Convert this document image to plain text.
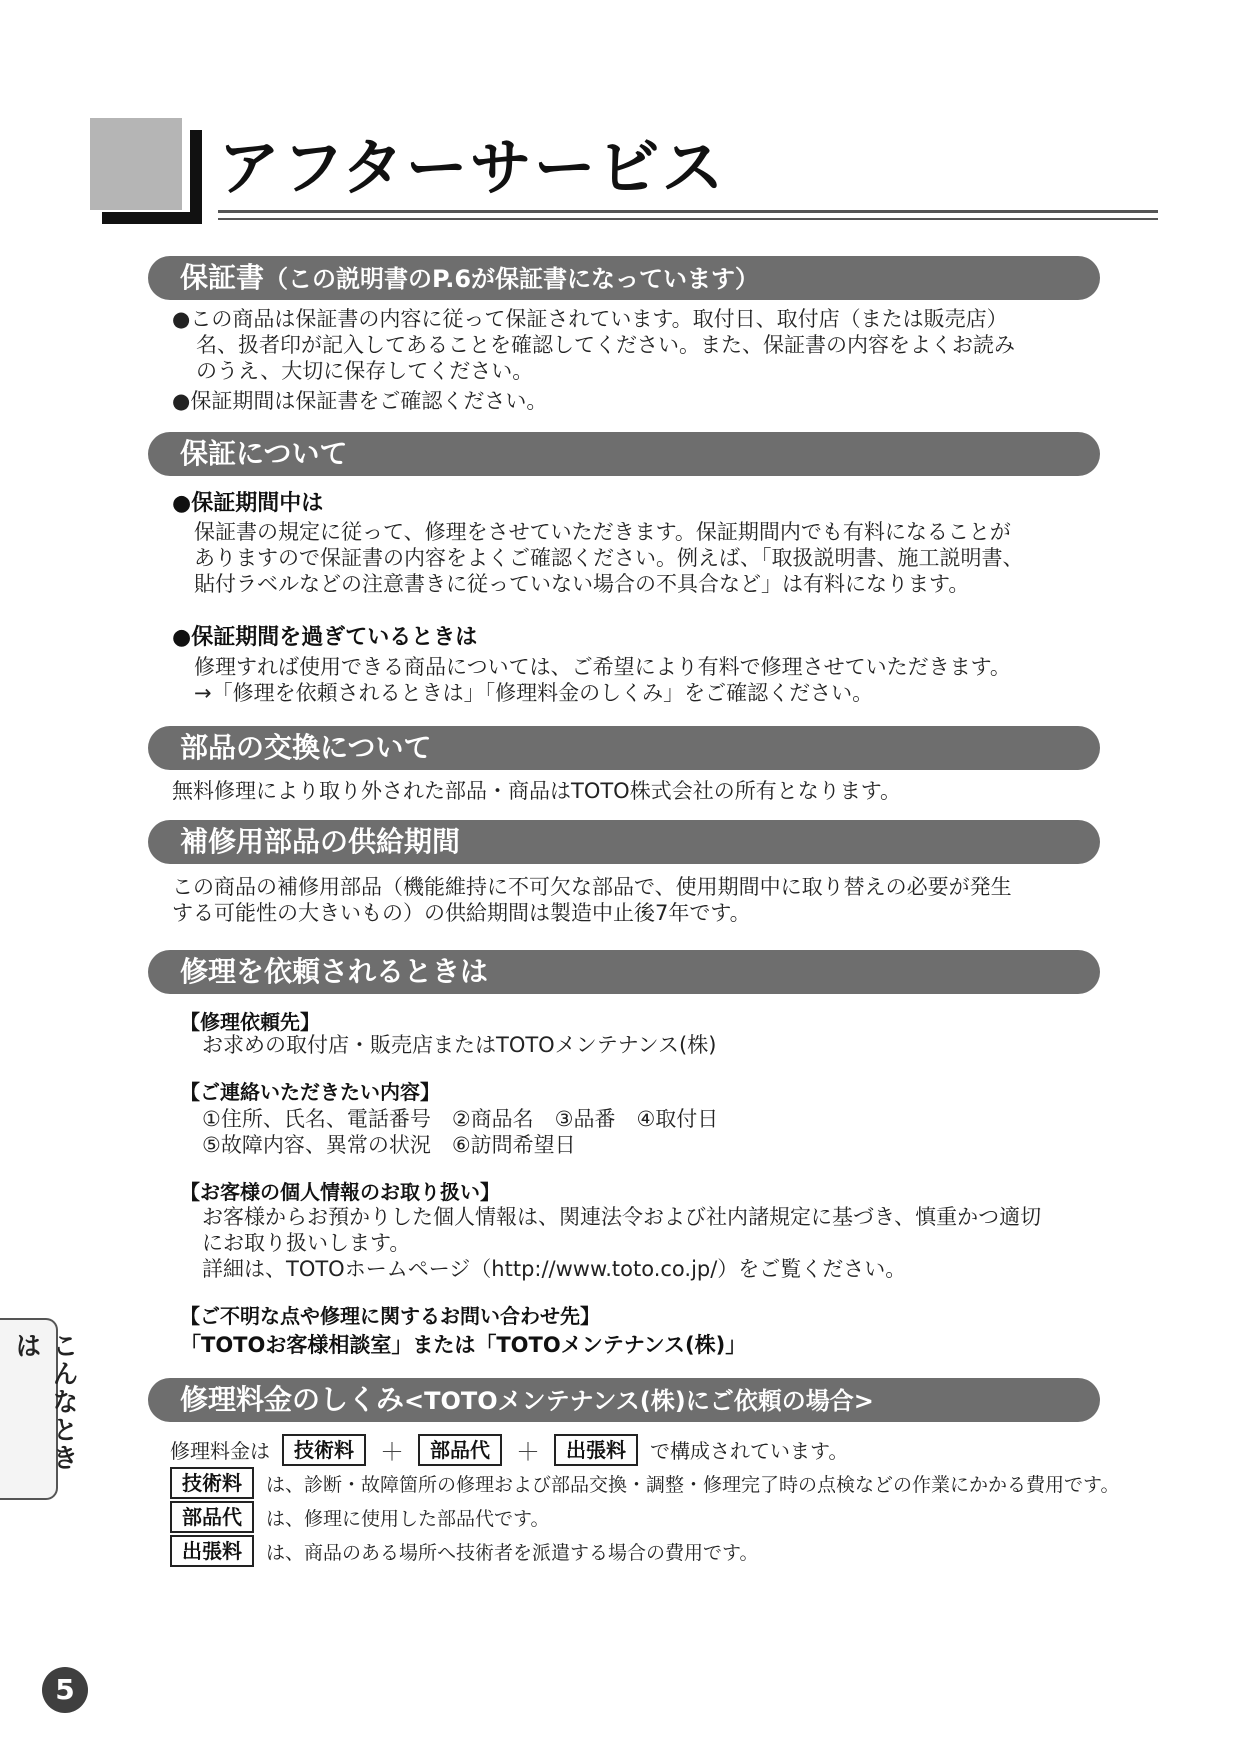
アフターサービス
保証書（この説明書のP.6が保証書になっています）

●この商品は保証書の内容に従って保証されています。取付日、取付店（または販売店）

名、扱者印が記入してあることを確認してください。また、保証書の内容をよくお読み

のうえ、大切に保存してください。

●保証期間は保証書をご確認ください。

保証について

●保証期間中は

保証書の規定に従って、修理をさせていただきます。保証期間内でも有料になることが

ありますので保証書の内容をよくご確認ください。例えば、「取扱説明書、施工説明書、

貼付ラベルなどの注意書きに従っていない場合の不具合など」は有料になります。

●保証期間を過ぎているときは

修理すれば使用できる商品については、ご希望により有料で修理させていただきます。

→「修理を依頼されるときは」「修理料金のしくみ」をご確認ください。

部品の交換について

無料修理により取り外された部品・商品はTOTO株式会社の所有となります。

補修用部品の供給期間

この商品の補修用部品（機能維持に不可欠な部品で、使用期間中に取り替えの必要が発生

する可能性の大きいもの）の供給期間は製造中止後7年です。

修理を依頼されるときは

【修理依頼先】

お求めの取付店・販売店またはTOTOメンテナンス(株)

【ご連絡いただきたい内容】

①住所、氏名、電話番号　②商品名　③品番　④取付日

⑤故障内容、異常の状況　⑥訪問希望日

【お客様の個人情報のお取り扱い】

お客様からお預かりした個人情報は、関連法令および社内諸規定に基づき、慎重かつ適切

にお取り扱いします。

詳細は、TOTOホームページ（http://www.toto.co.jp/）をご覧ください。

【ご不明な点や修理に関するお問い合わせ先】

「TOTOお客様相談室」または「TOTOメンテナンス(株)」

修理料金のしくみ<TOTOメンテナンス(株)にご依頼の場合>
修理料金は	技術料	＋	部品代	＋	出張料	で構成されています。
技術料	は、診断・故障箇所の修理および部品交換・調整・修理完了時の点検などの作業にかかる費用です。
部品代	は、修理に使用した部品代です。
出張料	は、商品のある場所へ技術者を派遣する場合の費用です。
こんなときは
5
